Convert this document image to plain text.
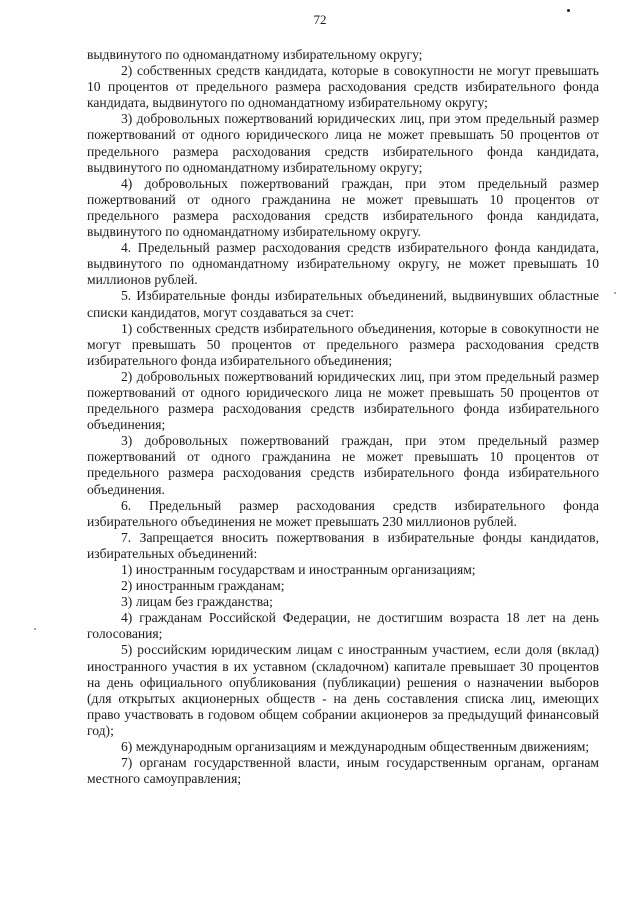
72

выдвинутого по одномандатному избирательному округу;

2) собственных средств кандидата, которые в совокупности не могут превышать 10 процентов от предельного размера расходования средств избирательного фонда кандидата, выдвинутого по одномандатному избирательному округу;

3) добровольных пожертвований юридических лиц, при этом предельный размер пожертвований от одного юридического лица не может превышать 50 процентов от предельного размера расходования средств избирательного фонда кандидата, выдвинутого по одномандатному избирательному округу;

4) добровольных пожертвований граждан, при этом предельный размер пожертвований от одного гражданина не может превышать 10 процентов от предельного размера расходования средств избирательного фонда кандидата, выдвинутого по одномандатному избирательному округу.

4. Предельный размер расходования средств избирательного фонда кандидата, выдвинутого по одномандатному избирательному округу, не может превышать 10 миллионов рублей.

5. Избирательные фонды избирательных объединений, выдвинувших областные списки кандидатов, могут создаваться за счет:

1) собственных средств избирательного объединения, которые в совокупности не могут превышать 50 процентов от предельного размера расходования средств избирательного фонда избирательного объединения;

2) добровольных пожертвований юридических лиц, при этом предельный размер пожертвований от одного юридического лица не может превышать 50 процентов от предельного размера расходования средств избирательного фонда избирательного объединения;

3) добровольных пожертвований граждан, при этом предельный размер пожертвований от одного гражданина не может превышать 10 процентов от предельного размера расходования средств избирательного фонда избирательного объединения.

6. Предельный размер расходования средств избирательного фонда избирательного объединения не может превышать 230 миллионов рублей.

7. Запрещается вносить пожертвования в избирательные фонды кандидатов, избирательных объединений:

1) иностранным государствам и иностранным организациям;

2) иностранным гражданам;

3) лицам без гражданства;

4) гражданам Российской Федерации, не достигшим возраста 18 лет на день голосования;

5) российским юридическим лицам с иностранным участием, если доля (вклад) иностранного участия в их уставном (складочном) капитале превышает 30 процентов на день официального опубликования (публикации) решения о назначении выборов (для открытых акционерных обществ - на день составления списка лиц, имеющих право участвовать в годовом общем собрании акционеров за предыдущий финансовый год);

6) международным организациям и международным общественным движениям;

7) органам государственной власти, иным государственным органам, органам местного самоуправления;
